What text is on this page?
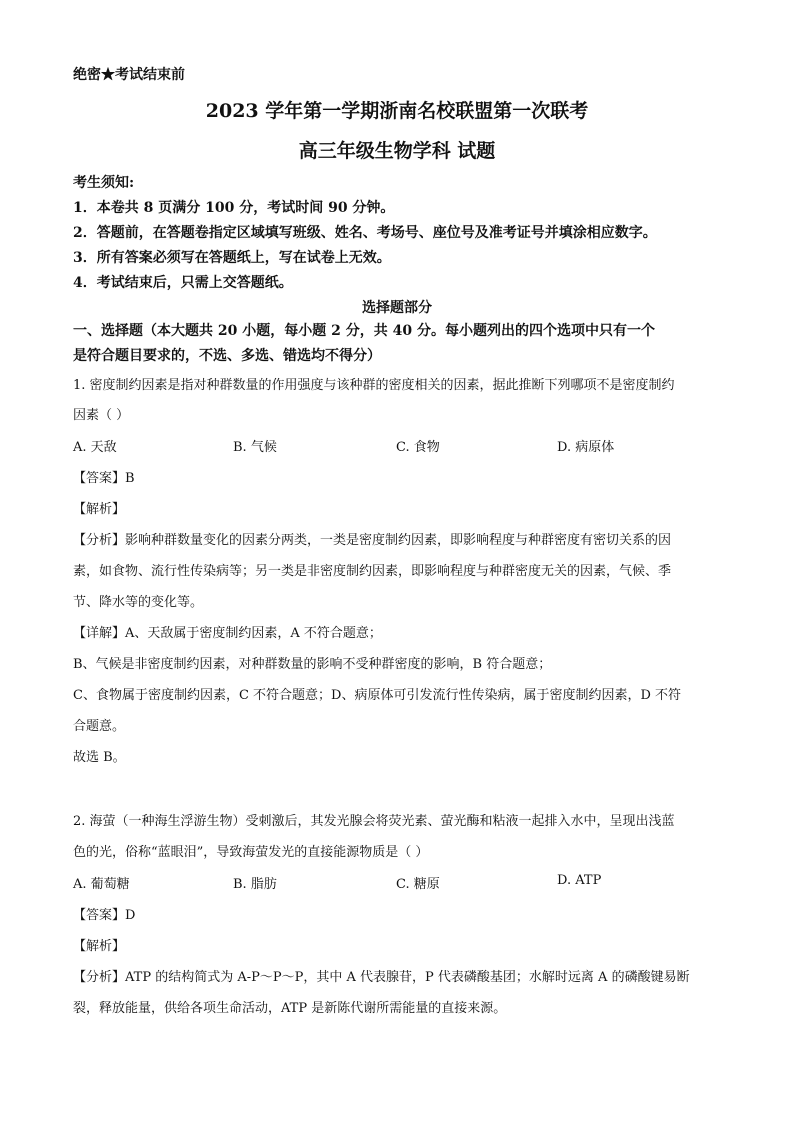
绝密★考试结束前
2023 学年第一学期浙南名校联盟第一次联考
高三年级生物学科 试题
考生须知:
1．本卷共 8 页满分 100 分，考试时间 90 分钟。
2．答题前，在答题卷指定区域填写班级、姓名、考场号、座位号及准考证号并填涂相应数字。
3．所有答案必须写在答题纸上，写在试卷上无效。
4．考试结束后，只需上交答题纸。
选择题部分
一、选择题（本大题共 20 小题，每小题 2 分，共 40 分。每小题列出的四个选项中只有一个
是符合题目要求的，不选、多选、错选均不得分）
1. 密度制约因素是指对种群数量的作用强度与该种群的密度相关的因素，据此推断下列哪项不是密度制约
因素（ ）
A. 天敌	B. 气候	C. 食物	D. 病原体
【答案】B
【解析】
【分析】影响种群数量变化的因素分两类，一类是密度制约因素，即影响程度与种群密度有密切关系的因
素，如食物、流行性传染病等；另一类是非密度制约因素，即影响程度与种群密度无关的因素，气候、季
节、降水等的变化等。
【详解】A、天敌属于密度制约因素，A 不符合题意；
B、气候是非密度制约因素，对种群数量的影响不受种群密度的影响，B 符合题意；
C、食物属于密度制约因素，C 不符合题意；D、病原体可引发流行性传染病，属于密度制约因素，D 不符
合题意。
故选 B。
2. 海萤（一种海生浮游生物）受刺激后，其发光腺会将荧光素、萤光酶和粘液一起排入水中，呈现出浅蓝
色的光，俗称“蓝眼泪”，导致海萤发光的直接能源物质是（ ）
A. 葡萄糖	B. 脂肪	C. 糖原	D. ATP
【答案】D
【解析】
【分析】ATP 的结构简式为 A-P～P～P，其中 A 代表腺苷，P 代表磷酸基团；水解时远离 A 的磷酸键易断
裂，释放能量，供给各项生命活动，ATP 是新陈代谢所需能量的直接来源。
